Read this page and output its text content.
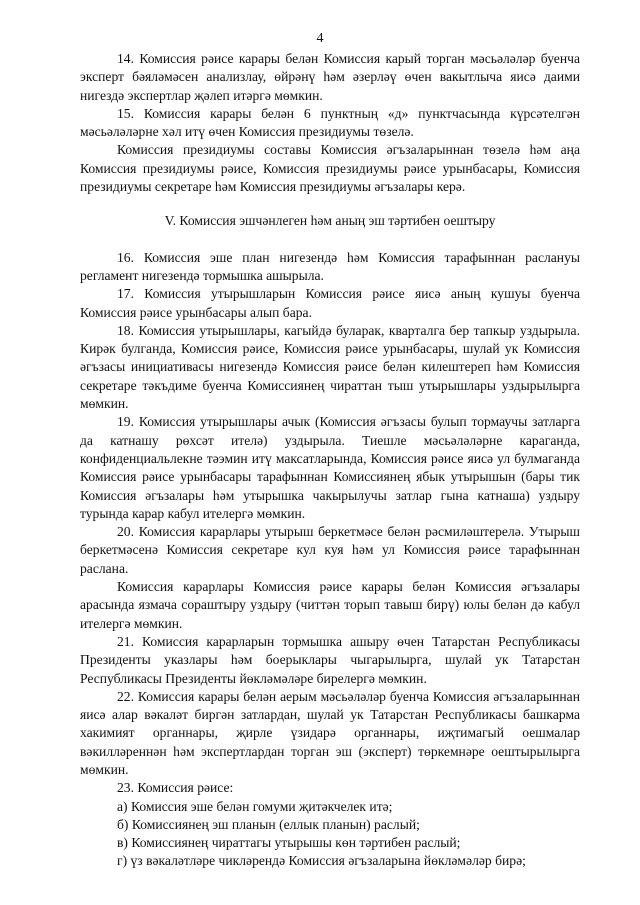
4

14. Комиссия рәисе карары белән Комиссия карый торган мәсьәләләр буенча эксперт бәяләмәсен анализлау, өйрәнү һәм әзерләү өчен вакытлыча яисә даими нигездә экспертлар җәлеп итәргә мөмкин.

15. Комиссия карары белән 6 пунктның «д» пунктчасында күрсәтелгән мәсьәләләрне хәл итү өчен Комиссия президиумы төзелә.

Комиссия президиумы составы Комиссия әгъзаларыннан төзелә һәм аңа Комиссия президиумы рәисе, Комиссия президиумы рәисе урынбасары, Комиссия президиумы секретаре һәм Комиссия президиумы әгъзалары керә.

V. Комиссия эшчәнлеген һәм аның эш тәртибен оештыру

16. Комиссия эше план нигезендә һәм Комиссия тарафыннан раслануы регламент нигезендә тормышка ашырыла.

17. Комиссия утырышларын Комиссия рәисе яисә аның кушуы буенча Комиссия рәисе урынбасары алып бара.

18. Комиссия утырышлары, кагыйдә буларак, кварталга бер тапкыр уздырыла. Кирәк булганда, Комиссия рәисе, Комиссия рәисе урынбасары, шулай ук Комиссия әгъзасы инициативасы нигезендә Комиссия рәисе белән килештереп һәм Комиссия секретаре тәкъдиме буенча Комиссиянең чираттан тыш утырышлары уздырылырга мөмкин.

19. Комиссия утырышлары ачык (Комиссия әгъзасы булып тормаучы затларга да катнашу рөхсәт ителә) уздырыла. Тиешле мәсьәләләрне караганда, конфиденциальлекне тәэмин итү максатларында, Комиссия рәисе яисә ул булмаганда Комиссия рәисе урынбасары тарафыннан Комиссиянең ябык утырышын (бары тик Комиссия әгъзалары һәм утырышка чакырылучы затлар гына катнаша) уздыру турында карар кабул ителергә мөмкин.

20. Комиссия карарлары утырыш беркетмәсе белән рәсмиләштерелә. Утырыш беркетмәсенә Комиссия секретаре кул куя һәм ул Комиссия рәисе тарафыннан раслана.

Комиссия карарлары Комиссия рәисе карары белән Комиссия әгъзалары арасында язмача сораштыру уздыру (читтән торып тавыш бирү) юлы белән дә кабул ителергә мөмкин.

21. Комиссия карарларын тормышка ашыру өчен Татарстан Республикасы Президенты указлары һәм боерыклары чыгарылырга, шулай ук Татарстан Республикасы Президенты йөкләмәләре бирелергә мөмкин.

22. Комиссия карары белән аерым мәсьәләләр буенча Комиссия әгъзаларыннан яисә алар вәкаләт биргән затлардан, шулай ук Татарстан Республикасы башкарма хакимият органнары, җирле үзидарә органнары, иҗтимагый оешмалар вәкилләреннән һәм экспертлардан торган эш (эксперт) төркемнәре оештырылырга мөмкин.

23. Комиссия рәисе:

а) Комиссия эше белән гомуми җитәкчелек итә;

б) Комиссиянең эш планын (еллык планын) раслый;

в) Комиссиянең чираттагы утырышы көн тәртибен раслый;

г) үз вәкаләтләре чикләрендә Комиссия әгъзаларына йөкләмәләр бирә;
